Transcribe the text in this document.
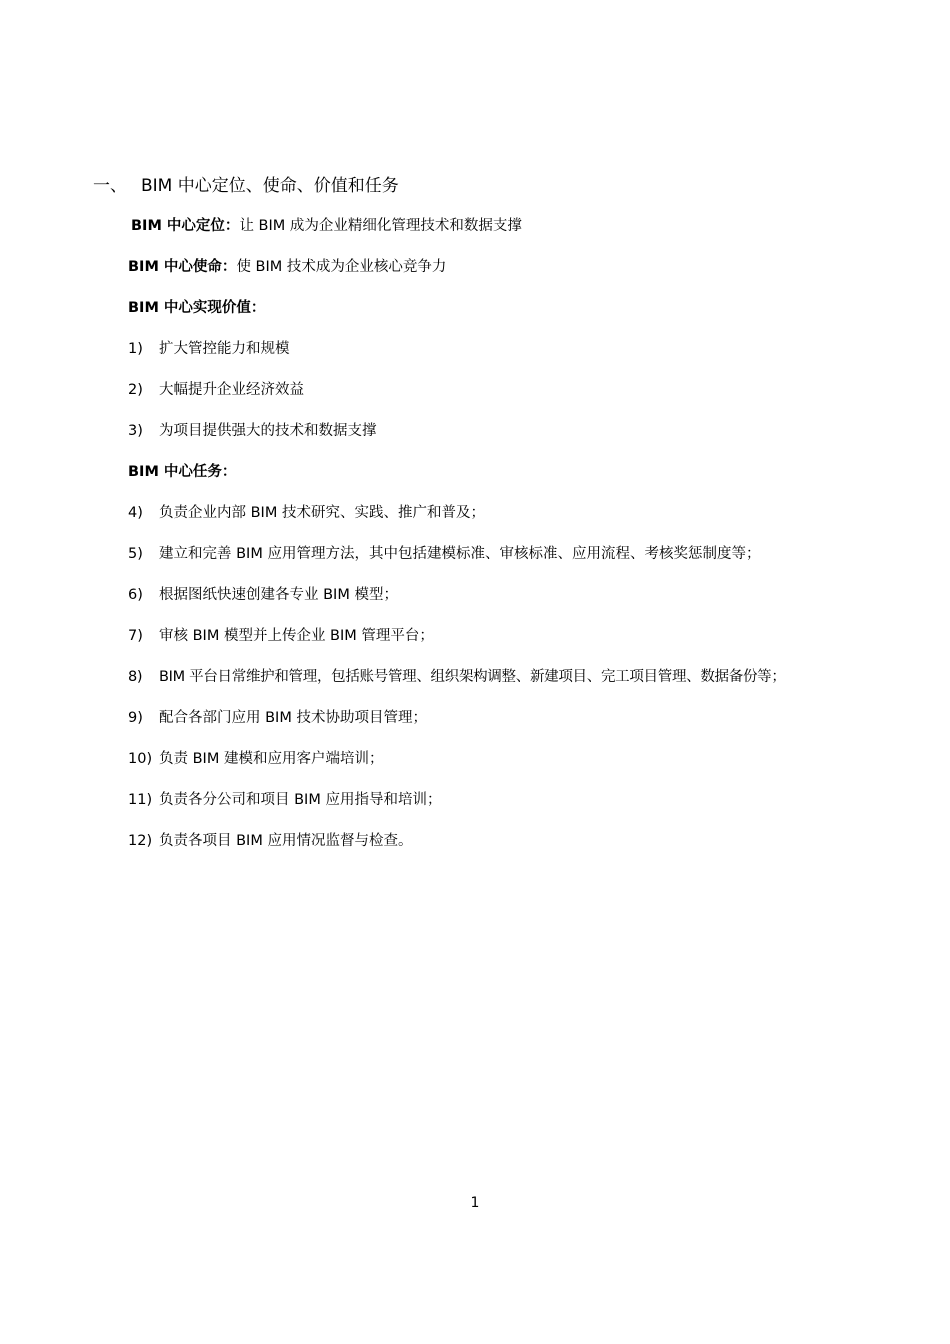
一、 BIM 中心定位、使命、价值和任务
BIM 中心定位：让 BIM 成为企业精细化管理技术和数据支撑
BIM 中心使命：使 BIM 技术成为企业核心竞争力
BIM 中心实现价值：
1) 扩大管控能力和规模
2) 大幅提升企业经济效益
3) 为项目提供强大的技术和数据支撑
BIM 中心任务：
4) 负责企业内部 BIM 技术研究、实践、推广和普及；
5) 建立和完善 BIM 应用管理方法，其中包括建模标准、审核标准、应用流程、考核奖惩制度等；
6) 根据图纸快速创建各专业 BIM 模型；
7) 审核 BIM 模型并上传企业 BIM 管理平台；
8) BIM 平台日常维护和管理，包括账号管理、组织架构调整、新建项目、完工项目管理、数据备份等；
9) 配合各部门应用 BIM 技术协助项目管理；
10) 负责 BIM 建模和应用客户端培训；
11) 负责各分公司和项目 BIM 应用指导和培训；
12) 负责各项目 BIM 应用情况监督与检查。
1
